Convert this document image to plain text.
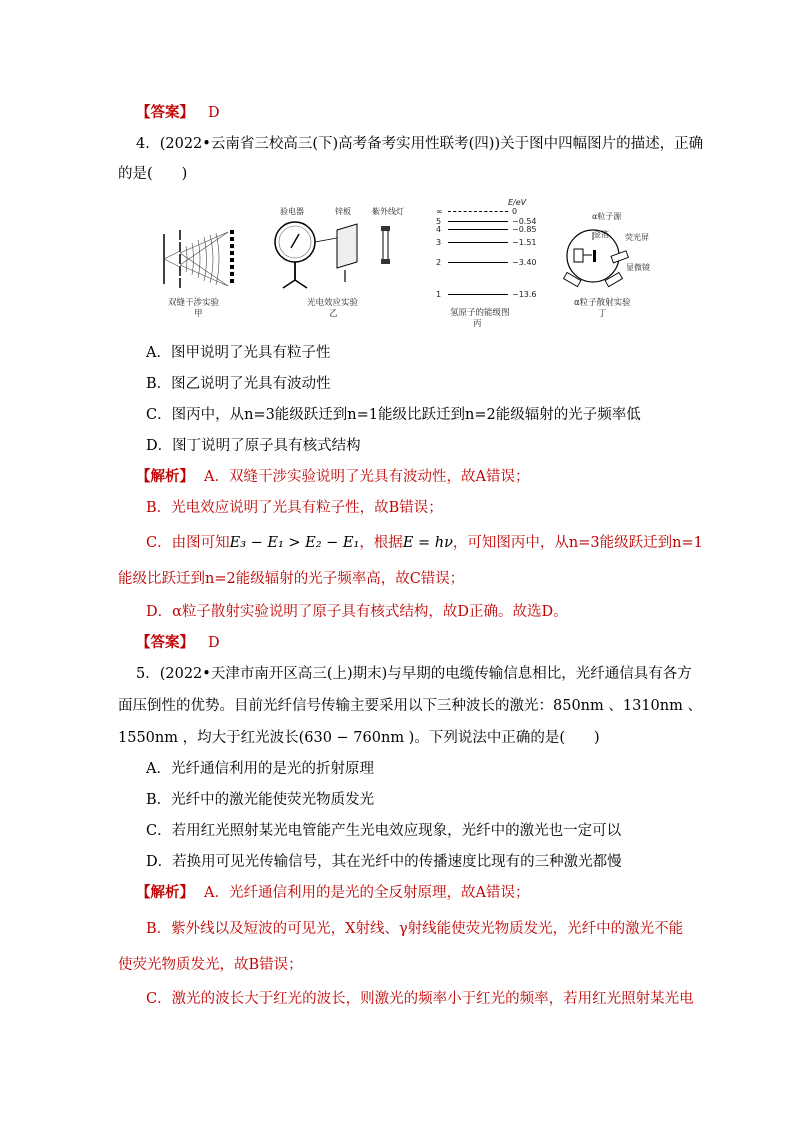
【答案】 D
4．(2022•云南省三校高三(下)高考备考实用性联考(四))关于图中四幅图片的描述，正确
的是(　　)
双缝干涉实验
甲
验电器	锌板	紫外线灯
光电效应实验
乙
E/eV
∞	0
5	−0.54
4	−0.85
3	−1.51
2	−3.40
1	−13.6
氢原子的能级图
丙
α粒子源
金箔 荧光屏
显微镜
α粒子散射实验
丁
A．图甲说明了光具有粒子性
B．图乙说明了光具有波动性
C．图丙中，从n=3能级跃迁到n=1能级比跃迁到n=2能级辐射的光子频率低
D．图丁说明了原子具有核式结构
【解析】 A．双缝干涉实验说明了光具有波动性，故A错误；
B．光电效应说明了光具有粒子性，故B错误；
C．由图可知E₃ − E₁ > E₂ − E₁，根据E = hν，可知图丙中，从n=3能级跃迁到n=1
能级比跃迁到n=2能级辐射的光子频率高，故C错误；
D．α粒子散射实验说明了原子具有核式结构，故D正确。故选D。
【答案】 D
5．(2022•天津市南开区高三(上)期末)与早期的电缆传输信息相比，光纤通信具有各方
面压倒性的优势。目前光纤信号传输主要采用以下三种波长的激光：850nm 、1310nm 、
1550nm ，均大于红光波长(630 − 760nm )。下列说法中正确的是(　　)
A．光纤通信利用的是光的折射原理
B．光纤中的激光能使荧光物质发光
C．若用红光照射某光电管能产生光电效应现象，光纤中的激光也一定可以
D．若换用可见光传输信号，其在光纤中的传播速度比现有的三种激光都慢
【解析】 A．光纤通信利用的是光的全反射原理，故A错误；
B．紫外线以及短波的可见光，X射线、γ射线能使荧光物质发光，光纤中的激光不能
使荧光物质发光，故B错误；
C．激光的波长大于红光的波长，则激光的频率小于红光的频率，若用红光照射某光电
